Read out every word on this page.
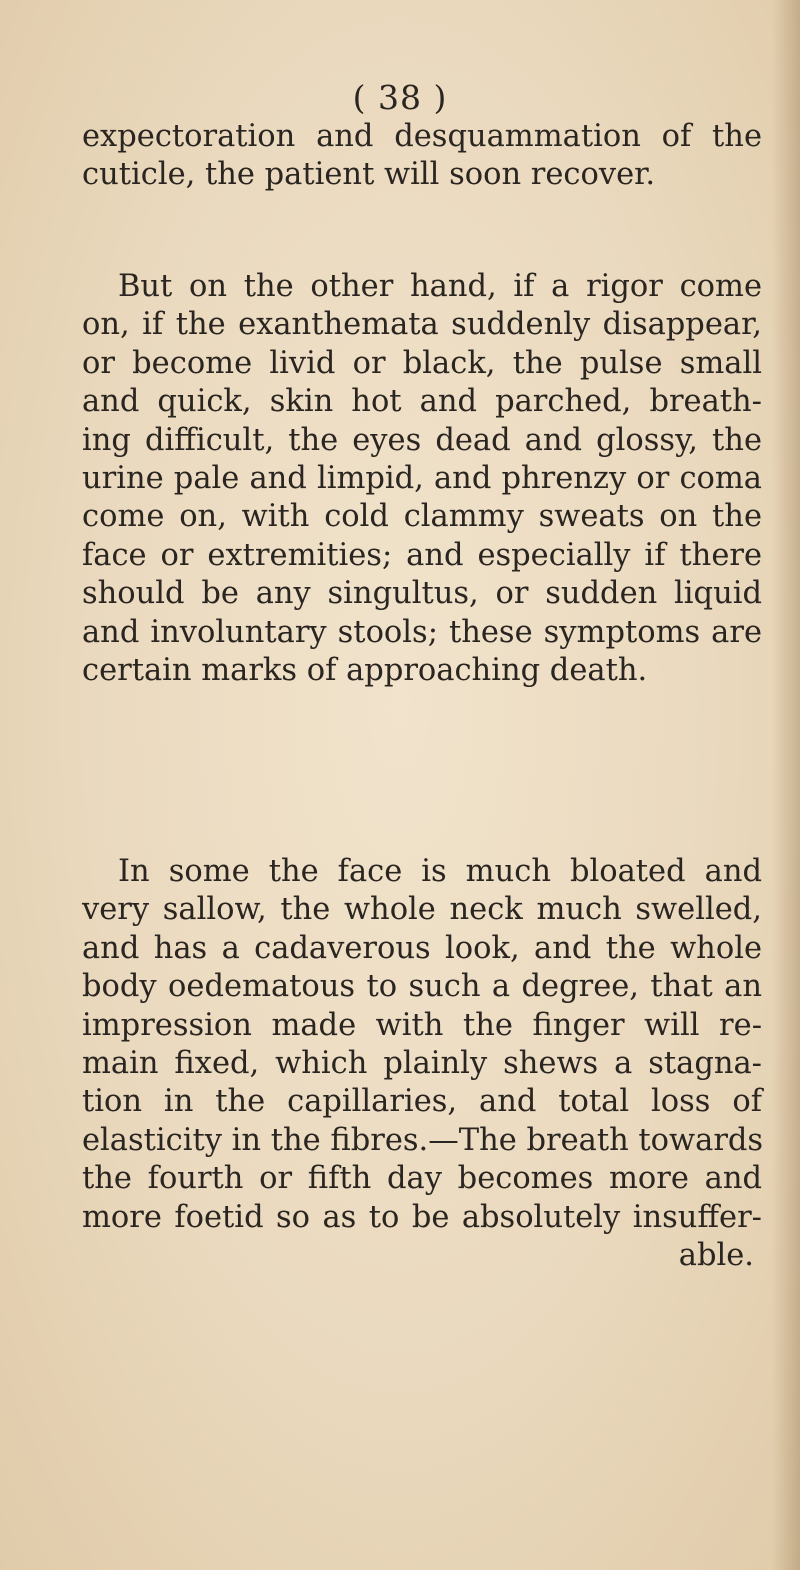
( 38 )
expectoration and desquammation of the
cuticle, the patient will soon recover.
But on the other hand, if a rigor come
on, if the exanthemata suddenly disappear,
or become livid or black, the pulse small
and quick, skin hot and parched, breath-
ing difficult, the eyes dead and glossy, the
urine pale and limpid, and phrenzy or coma
come on, with cold clammy sweats on the
face or extremities; and especially if there
should be any singultus, or sudden liquid
and involuntary stools; these symptoms are
certain marks of approaching death.
In some the face is much bloated and
very sallow, the whole neck much swelled,
and has a cadaverous look, and the whole
body oedematous to such a degree, that an
impression made with the finger will re-
main fixed, which plainly shews a stagna-
tion in the capillaries, and total loss of
elasticity in the fibres.—The breath towards
the fourth or fifth day becomes more and
more foetid so as to be absolutely insuffer-
able.
